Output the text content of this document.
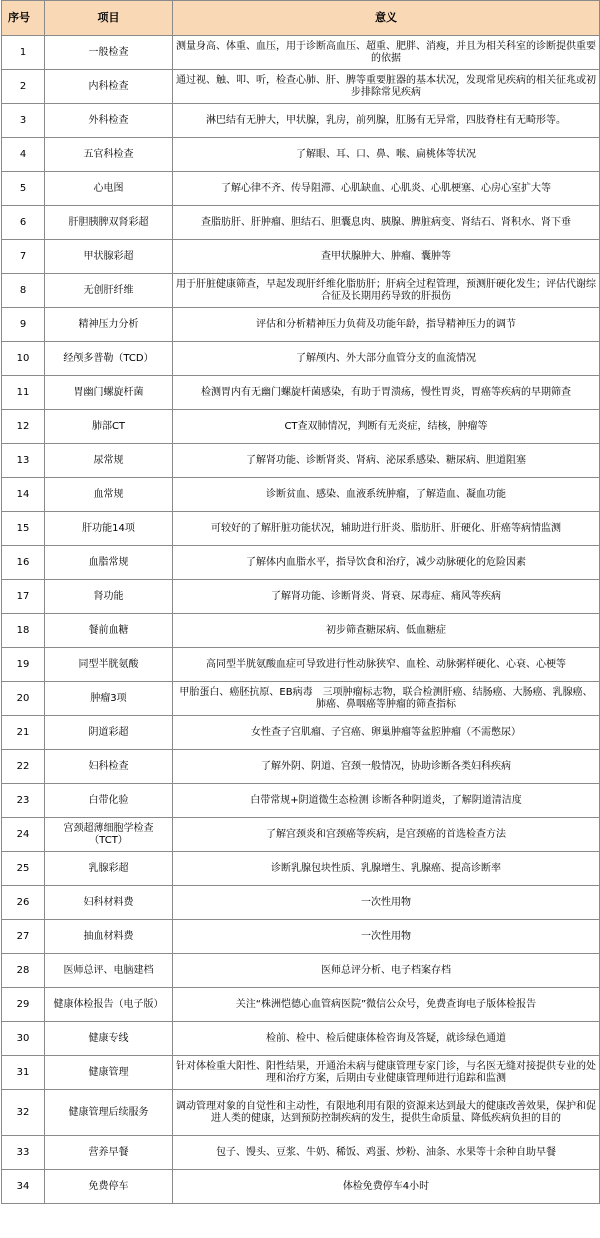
序号	项目	意义
1	一般检查	测量身高、体重、血压，用于诊断高血压、超重、肥胖、消瘦，并且为相关科室的诊断提供重要的依据
2	内科检查	通过视、触、叩、听，检查心肺、肝、脾等重要脏器的基本状况，发现常见疾病的相关征兆或初步排除常见疾病
3	外科检查	淋巴结有无肿大，甲状腺，乳房，前列腺，肛肠有无异常，四肢脊柱有无畸形等。
4	五官科检查	了解眼、耳、口、鼻、喉、扁桃体等状况
5	心电图	了解心律不齐、传导阻滞、心肌缺血、心肌炎、心肌梗塞、心房心室扩大等
6	肝胆胰脾双肾彩超	查脂肪肝、肝肿瘤、胆结石、胆囊息肉、胰腺、脾脏病变、肾结石、肾积水、肾下垂
7	甲状腺彩超	查甲状腺肿大、肿瘤、囊肿等
8	无创肝纤维	用于肝脏健康筛查，早起发现肝纤维化脂肪肝；肝病全过程管理，预测肝硬化发生；评估代谢综合征及长期用药导致的肝损伤
9	精神压力分析	评估和分析精神压力负荷及功能年龄，指导精神压力的调节
10	经颅多普勒（TCD）	了解颅内、外大部分血管分支的血流情况
11	胃幽门螺旋杆菌	检测胃内有无幽门螺旋杆菌感染，有助于胃溃疡，慢性胃炎，胃癌等疾病的早期筛查
12	肺部CT	CT查双肺情况，判断有无炎症，结核，肿瘤等
13	尿常规	了解肾功能、诊断肾炎、肾病、泌尿系感染、糖尿病、胆道阻塞
14	血常规	诊断贫血、感染、血液系统肿瘤，了解造血、凝血功能
15	肝功能14项	可较好的了解肝脏功能状况，辅助进行肝炎、脂肪肝、肝硬化、肝癌等病情监测
16	血脂常规	了解体内血脂水平，指导饮食和治疗，减少动脉硬化的危险因素
17	肾功能	了解肾功能、诊断肾炎、肾衰、尿毒症、痛风等疾病
18	餐前血糖	初步筛查糖尿病、低血糖症
19	同型半胱氨酸	高同型半胱氨酸血症可导致进行性动脉狭窄、血栓、动脉粥样硬化、心衰、心梗等
20	肿瘤3项	甲胎蛋白、癌胚抗原、EB病毒　三项肿瘤标志物，联合检测肝癌、结肠癌、大肠癌、乳腺癌、肺癌、鼻咽癌等肿瘤的筛查指标
21	阴道彩超	女性查子宫肌瘤、子宫癌、卵巢肿瘤等盆腔肿瘤（不需憋尿）
22	妇科检查	了解外阴、阴道、宫颈一般情况，协助诊断各类妇科疾病
23	白带化验	白带常规+阴道微生态检测 诊断各种阴道炎，了解阴道清洁度
24	宫颈超薄细胞学检查（TCT）	了解宫颈炎和宫颈癌等疾病，是宫颈癌的首选检查方法
25	乳腺彩超	诊断乳腺包块性质、乳腺增生、乳腺癌、提高诊断率
26	妇科材料费	一次性用物
27	抽血材料费	一次性用物
28	医师总评、电脑建档	医师总评分析、电子档案存档
29	健康体检报告（电子版）	关注“株洲恺德心血管病医院”微信公众号，免费查询电子版体检报告
30	健康专线	检前、检中、检后健康体检咨询及答疑，就诊绿色通道
31	健康管理	针对体检重大阳性、阳性结果，开通治未病与健康管理专家门诊，与名医无缝对接提供专业的处理和治疗方案，后期由专业健康管理师进行追踪和监测
32	健康管理后续服务	调动管理对象的自觉性和主动性，有限地利用有限的资源来达到最大的健康改善效果，保护和促进人类的健康，达到预防控制疾病的发生，提供生命质量、降低疾病负担的目的
33	营养早餐	包子、馒头、豆浆、牛奶、稀饭、鸡蛋、炒粉、油条、水果等十余种自助早餐
34	免费停车	体检免费停车4小时
